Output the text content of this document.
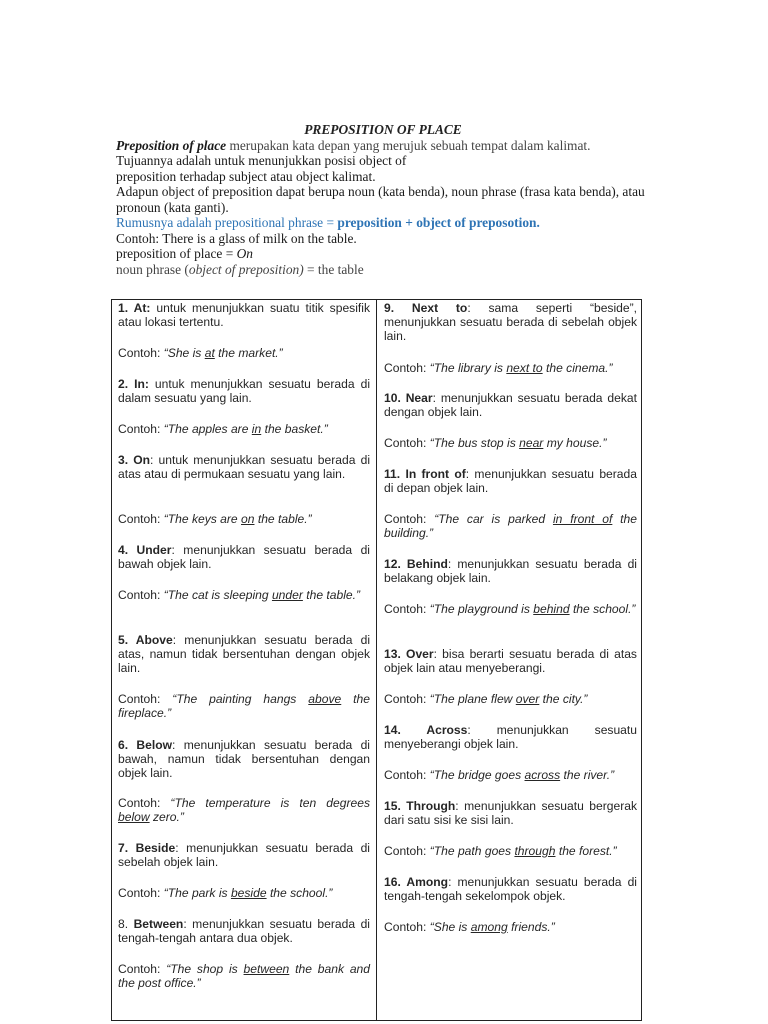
PREPOSITION OF PLACE

Preposition of place merupakan kata depan yang merujuk sebuah tempat dalam kalimat.

Tujuannya adalah untuk menunjukkan posisi object of

preposition terhadap subject atau object kalimat.

Adapun object of preposition dapat berupa noun (kata benda), noun phrase (frasa kata benda), atau pronoun (kata ganti).

Rumusnya adalah prepositional phrase = preposition + object of preposotion.

Contoh: There is a glass of milk on the table.

preposition of place = On

noun phrase (object of preposition) = the table

1. At: untuk menunjukkan suatu titik spesifik atau lokasi tertentu.

Contoh: “She is at the market.”

2. In: untuk menunjukkan sesuatu berada di dalam sesuatu yang lain.

Contoh: “The apples are in the basket.”

3. On: untuk menunjukkan sesuatu berada di atas atau di permukaan sesuatu yang lain.

Contoh: “The keys are on the table.”

4. Under: menunjukkan sesuatu berada di bawah objek lain.

Contoh: “The cat is sleeping under the table.”

5. Above: menunjukkan sesuatu berada di atas, namun tidak bersentuhan dengan objek lain.

Contoh: “The painting hangs above the fireplace.”

6. Below: menunjukkan sesuatu berada di bawah, namun tidak bersentuhan dengan objek lain.

Contoh: “The temperature is ten degrees below zero.”

7. Beside: menunjukkan sesuatu berada di sebelah objek lain.

Contoh: “The park is beside the school.”

8. Between: menunjukkan sesuatu berada di tengah-tengah antara dua objek.

Contoh: “The shop is between the bank and the post office.”

9. Next to: sama seperti “beside”, menunjukkan sesuatu berada di sebelah objek lain.

Contoh: “The library is next to the cinema.”

10. Near: menunjukkan sesuatu berada dekat dengan objek lain.

Contoh: “The bus stop is near my house.”

11. In front of: menunjukkan sesuatu berada di depan objek lain.

Contoh: “The car is parked in front of the building.”

12. Behind: menunjukkan sesuatu berada di belakang objek lain.

Contoh: “The playground is behind the school.”

13. Over: bisa berarti sesuatu berada di atas objek lain atau menyeberangi.

Contoh: “The plane flew over the city.”

14. Across: menunjukkan sesuatu menyeberangi objek lain.

Contoh: “The bridge goes across the river.”

15. Through: menunjukkan sesuatu bergerak dari satu sisi ke sisi lain.

Contoh: “The path goes through the forest.”

16. Among: menunjukkan sesuatu berada di tengah-tengah sekelompok objek.

Contoh: “She is among friends.”
